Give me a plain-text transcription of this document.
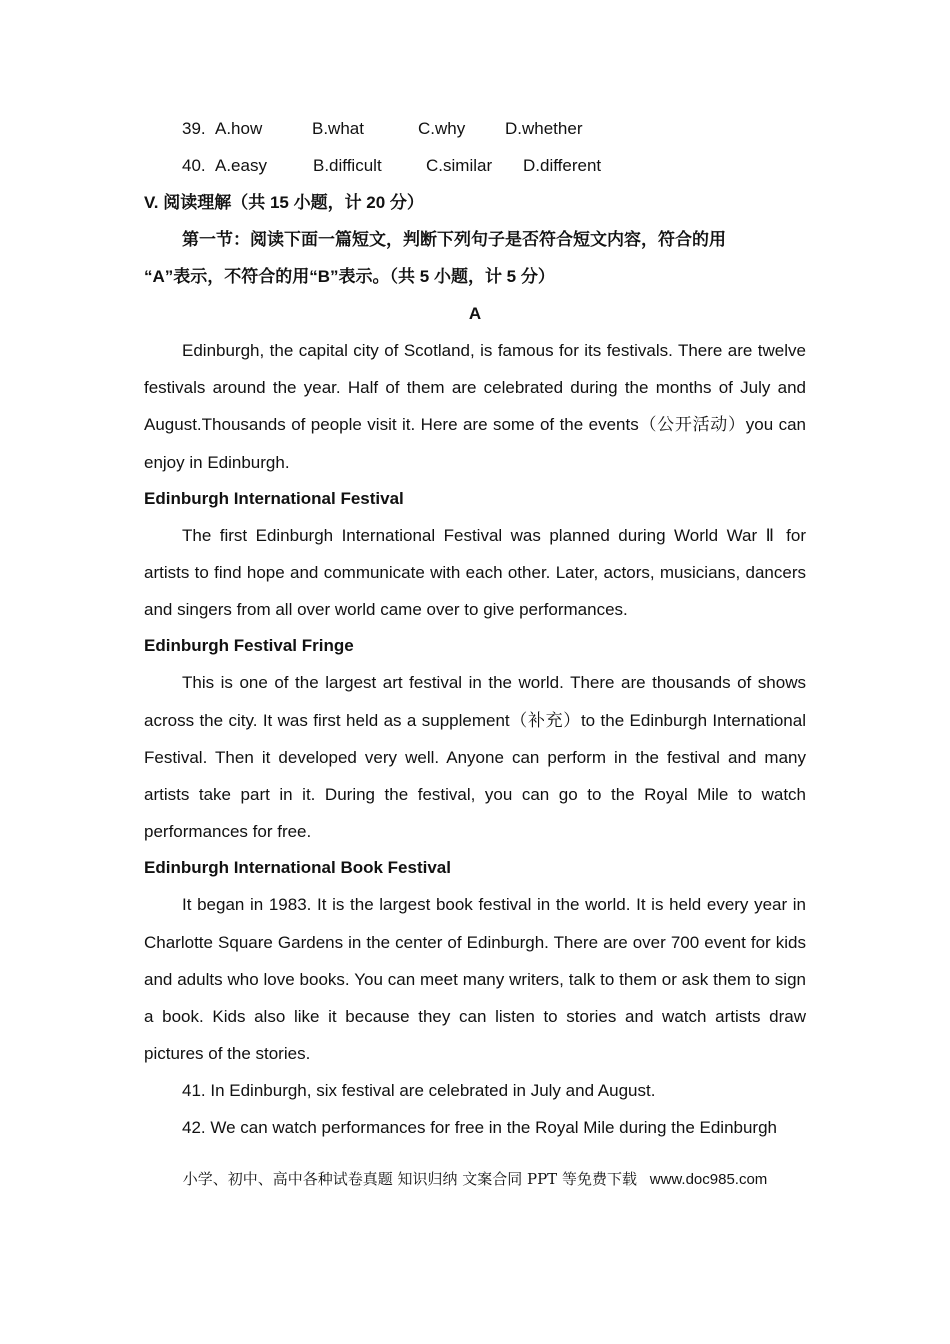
39. A.how	B.what	C.why	D.whether
40. A.easy	B.difficult	C.similar	D.different
V. 阅读理解（共 15 小题，计 20 分）
第一节：阅读下面一篇短文，判断下列句子是否符合短文内容，符合的用
“A”表示，不符合的用“B”表示。（共 5 小题，计 5 分）
A
Edinburgh, the capital city of Scotland, is famous for its festivals. There are twelve festivals around the year. Half of them are celebrated during the months of July and August.Thousands of people visit it. Here are some of the events（公开活动）you can enjoy in Edinburgh.
Edinburgh International Festival
The first Edinburgh International Festival was planned during World War Ⅱ for artists to find hope and communicate with each other. Later, actors, musicians, dancers and singers from all over world came over to give performances.
Edinburgh Festival Fringe
This is one of the largest art festival in the world. There are thousands of shows across the city. It was first held as a supplement（补充）to the Edinburgh International Festival. Then it developed very well. Anyone can perform in the festival and many artists take part in it. During the festival, you can go to the Royal Mile to watch performances for free.
Edinburgh International Book Festival
It began in 1983. It is the largest book festival in the world. It is held every year in Charlotte Square Gardens in the center of Edinburgh. There are over 700 event for kids and adults who love books. You can meet many writers, talk to them or ask them to sign a book. Kids also like it because they can listen to stories and watch artists draw pictures of the stories.
41. In Edinburgh, six festival are celebrated in July and August.
42. We can watch performances for free in the Royal Mile during the Edinburgh
小学、初中、高中各种试卷真题 知识归纳 文案合同 PPT 等免费下载 www.doc985.com
